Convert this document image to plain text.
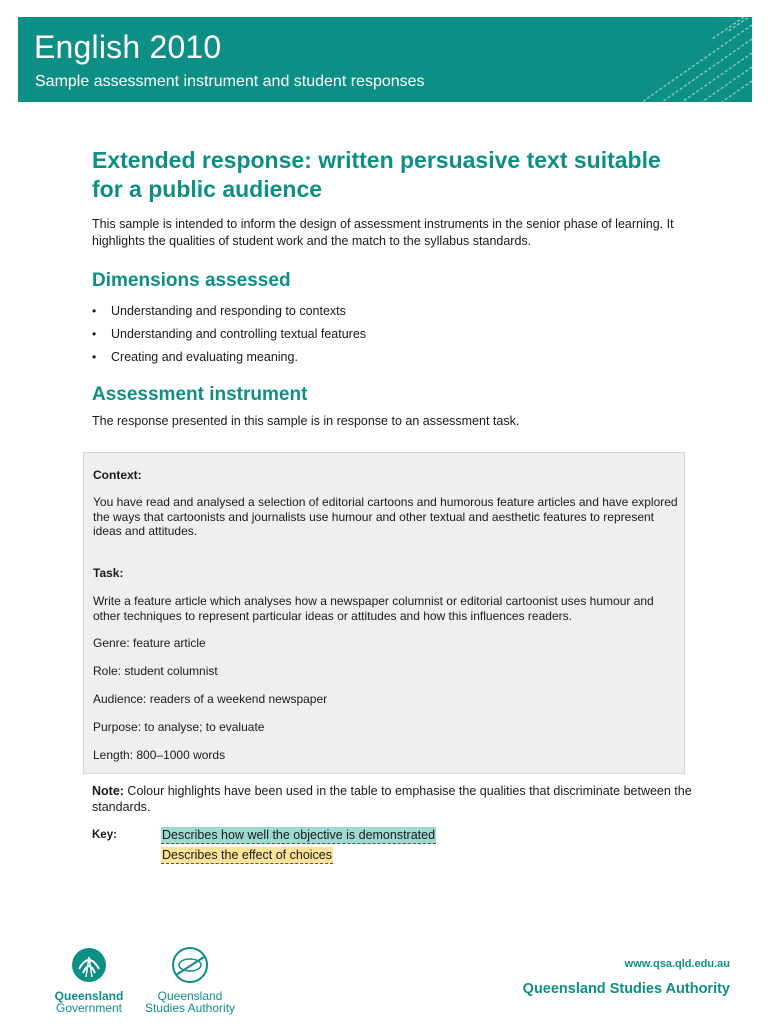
English 2010

Sample assessment instrument and student responses

Extended response: written persuasive text suitable for a public audience

This sample is intended to inform the design of assessment instruments in the senior phase of learning. It highlights the qualities of student work and the match to the syllabus standards.

Dimensions assessed
• Understanding and responding to contexts
• Understanding and controlling textual features
• Creating and evaluating meaning.
Assessment instrument

The response presented in this sample is in response to an assessment task.

Context:

You have read and analysed a selection of editorial cartoons and humorous feature articles and have explored the ways that cartoonists and journalists use humour and other textual and aesthetic features to represent ideas and attitudes.

Task:

Write a feature article which analyses how a newspaper columnist or editorial cartoonist uses humour and other techniques to represent particular ideas or attitudes and how this influences readers.

Genre: feature article

Role: student columnist

Audience: readers of a weekend newspaper

Purpose: to analyse; to evaluate

Length: 800–1000 words

Note: Colour highlights have been used in the table to emphasise the qualities that discriminate between the standards.

Key:	Describes how well the objective is demonstrated

Describes the effect of choices

Queensland

Government

Queensland

Studies Authority

www.qsa.qld.edu.au

Queensland Studies Authority
